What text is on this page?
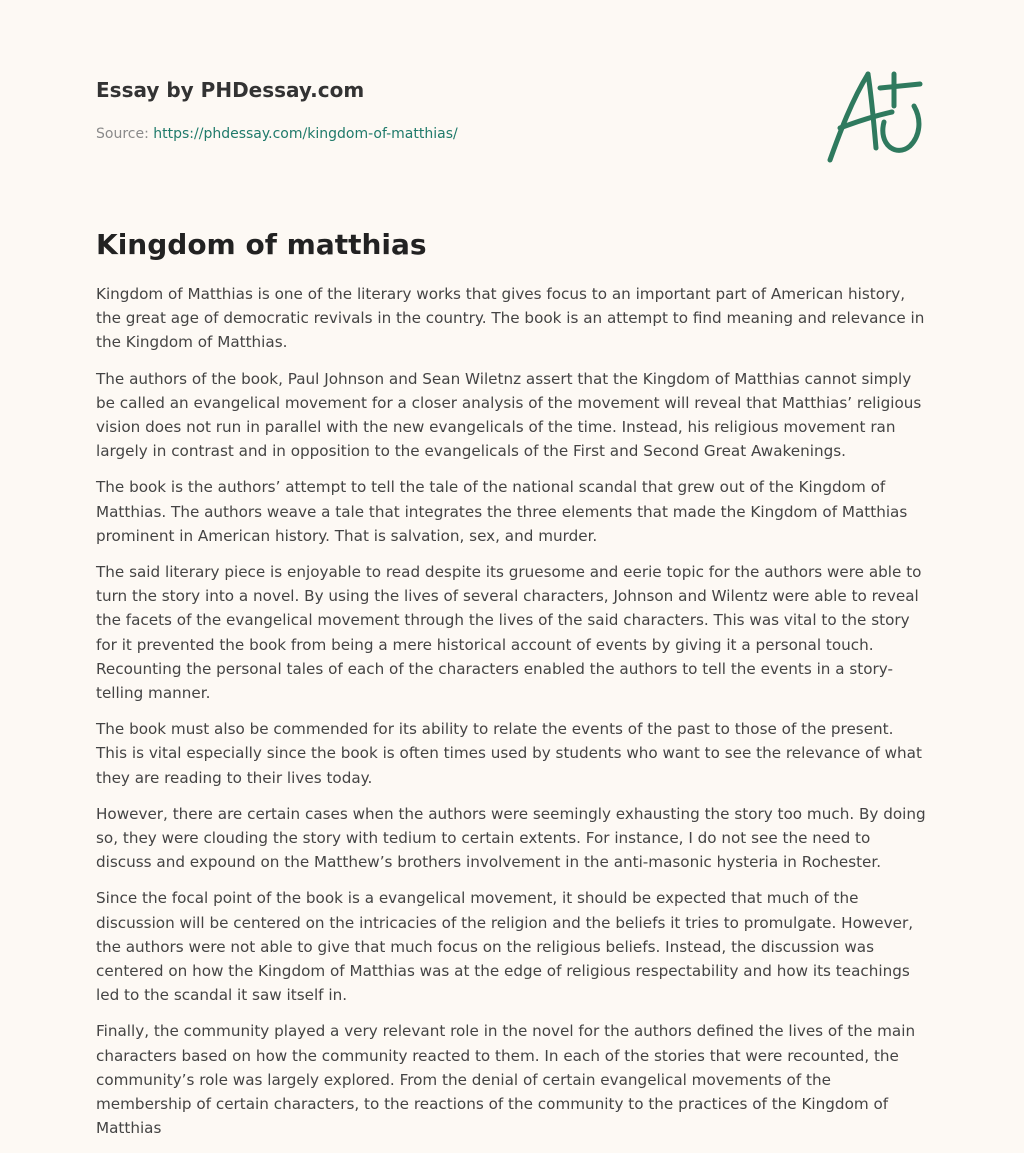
Essay by PHDessay.com
Source: https://phdessay.com/kingdom-of-matthias/
Kingdom of matthias

Kingdom of Matthias is one of the literary works that gives focus to an important part of American history, the great age of democratic revivals in the country. The book is an attempt to find meaning and relevance in the Kingdom of Matthias.

The authors of the book, Paul Johnson and Sean Wiletnz assert that the Kingdom of Matthias cannot simply be called an evangelical movement for a closer analysis of the movement will reveal that Matthias’ religious vision does not run in parallel with the new evangelicals of the time. Instead, his religious movement ran largely in contrast and in opposition to the evangelicals of the First and Second Great Awakenings.

The book is the authors’ attempt to tell the tale of the national scandal that grew out of the Kingdom of Matthias. The authors weave a tale that integrates the three elements that made the Kingdom of Matthias prominent in American history. That is salvation, sex, and murder.

The said literary piece is enjoyable to read despite its gruesome and eerie topic for the authors were able to turn the story into a novel. By using the lives of several characters, Johnson and Wilentz were able to reveal the facets of the evangelical movement through the lives of the said characters. This was vital to the story for it prevented the book from being a mere historical account of events by giving it a personal touch. Recounting the personal tales of each of the characters enabled the authors to tell the events in a story-telling manner.

The book must also be commended for its ability to relate the events of the past to those of the present. This is vital especially since the book is often times used by students who want to see the relevance of what they are reading to their lives today.

However, there are certain cases when the authors were seemingly exhausting the story too much. By doing so, they were clouding the story with tedium to certain extents. For instance, I do not see the need to discuss and expound on the Matthew’s brothers involvement in the anti-masonic hysteria in Rochester.

Since the focal point of the book is a evangelical movement, it should be expected that much of the discussion will be centered on the intricacies of the religion and the beliefs it tries to promulgate. However, the authors were not able to give that much focus on the religious beliefs. Instead, the discussion was centered on how the Kingdom of Matthias was at the edge of religious respectability and how its teachings led to the scandal it saw itself in.

Finally, the community played a very relevant role in the novel for the authors defined the lives of the main characters based on how the community reacted to them. In each of the stories that were recounted, the community’s role was largely explored. From the denial of certain evangelical movements of the membership of certain characters, to the reactions of the community to the practices of the Kingdom of Matthias
